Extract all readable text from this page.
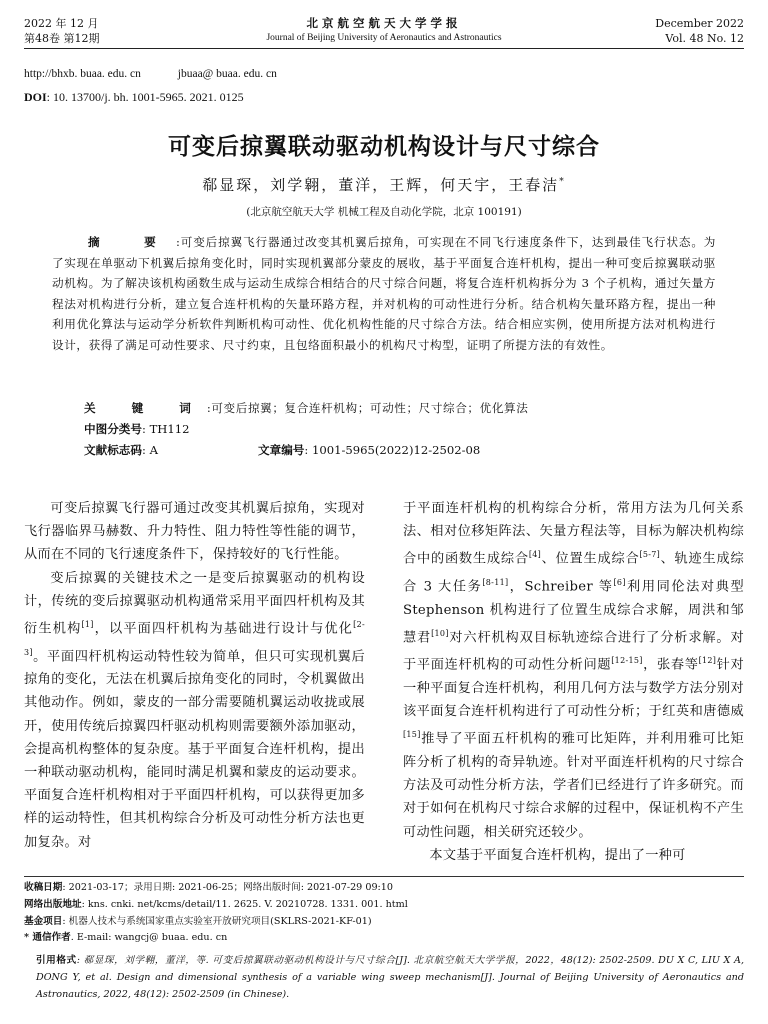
2022 年 12 月
第48卷 第12期
北京航空航天大学学报
Journal of Beijing University of Aeronautics and Astronautics
December 2022
Vol. 48 No. 12
http://bhxb. buaa. edu. cn	jbuaa@ buaa. edu. cn
DOI: 10. 13700/j. bh. 1001-5965. 2021. 0125
可变后掠翼联动驱动机构设计与尺寸综合
郗显琛，刘学翱，董洋，王辉，何天宇，王春洁*
(北京航空航天大学 机械工程及自动化学院，北京 100191)
摘 要:可变后掠翼飞行器通过改变其机翼后掠角，可实现在不同飞行速度条件下，达到最佳飞行状态。为了实现在单驱动下机翼后掠角变化时，同时实现机翼部分蒙皮的展收，基于平面复合连杆机构，提出一种可变后掠翼联动驱动机构。为了解决该机构函数生成与运动生成综合相结合的尺寸综合问题，将复合连杆机构拆分为 3 个子机构，通过矢量方程法对机构进行分析，建立复合连杆机构的矢量环路方程，并对机构的可动性进行分析。结合机构矢量环路方程，提出一种利用优化算法与运动学分析软件判断机构可动性、优化机构性能的尺寸综合方法。结合相应实例，使用所提方法对机构进行设计，获得了满足可动性要求、尺寸约束，且包络面积最小的机构尺寸构型，证明了所提方法的有效性。
关 键 词:可变后掠翼；复合连杆机构；可动性；尺寸综合；优化算法
中图分类号: TH112
文献标志码: A	文章编号: 1001-5965(2022)12-2502-08

可变后掠翼飞行器可通过改变其机翼后掠角，实现对飞行器临界马赫数、升力特性、阻力特性等性能的调节，从而在不同的飞行速度条件下，保持较好的飞行性能。

变后掠翼的关键技术之一是变后掠翼驱动的机构设计，传统的变后掠翼驱动机构通常采用平面四杆机构及其衍生机构[1]，以平面四杆机构为基础进行设计与优化[2-3]。平面四杆机构运动特性较为简单，但只可实现机翼后掠角的变化，无法在机翼后掠角变化的同时，令机翼做出其他动作。例如，蒙皮的一部分需要随机翼运动收拢或展开，使用传统后掠翼四杆驱动机构则需要额外添加驱动，会提高机构整体的复杂度。基于平面复合连杆机构，提出一种联动驱动机构，能同时满足机翼和蒙皮的运动要求。平面复合连杆机构相对于平面四杆机构，可以获得更加多样的运动特性，但其机构综合分析及可动性分析方法也更加复杂。对

于平面连杆机构的机构综合分析，常用方法为几何关系法、相对位移矩阵法、矢量方程法等，目标为解决机构综合中的函数生成综合[4]、位置生成综合[5-7]、轨迹生成综合 3 大任务[8-11]，Schreiber 等[6]利用同伦法对典型 Stephenson 机构进行了位置生成综合求解，周洪和邹慧君[10]对六杆机构双目标轨迹综合进行了分析求解。对于平面连杆机构的可动性分析问题[12-15]，张春等[12]针对一种平面复合连杆机构，利用几何方法与数学方法分别对该平面复合连杆机构进行了可动性分析；于红英和唐德威[15]推导了平面五杆机构的雅可比矩阵，并利用雅可比矩阵分析了机构的奇异轨迹。针对平面连杆机构的尺寸综合方法及可动性分析方法，学者们已经进行了许多研究。而对于如何在机构尺寸综合求解的过程中，保证机构不产生可动性问题，相关研究还较少。

本文基于平面复合连杆机构，提出了一种可

收稿日期: 2021-03-17；录用日期: 2021-06-25；网络出版时间: 2021-07-29 09:10
网络出版地址: kns. cnki. net/kcms/detail/11. 2625. V. 20210728. 1331. 001. html
基金项目: 机器人技术与系统国家重点实验室开放研究项目(SKLRS-2021-KF-01)
* 通信作者. E-mail: wangcj@ buaa. edu. cn
引用格式: 郗显琛，刘学翱，董洋，等. 可变后掠翼联动驱动机构设计与尺寸综合[J]. 北京航空航天大学学报，2022，48(12): 2502-2509. DU X C, LIU X A, DONG Y, et al. Design and dimensional synthesis of a variable wing sweep mechanism[J]. Journal of Beijing University of Aeronautics and Astronautics, 2022, 48(12): 2502-2509 (in Chinese).
